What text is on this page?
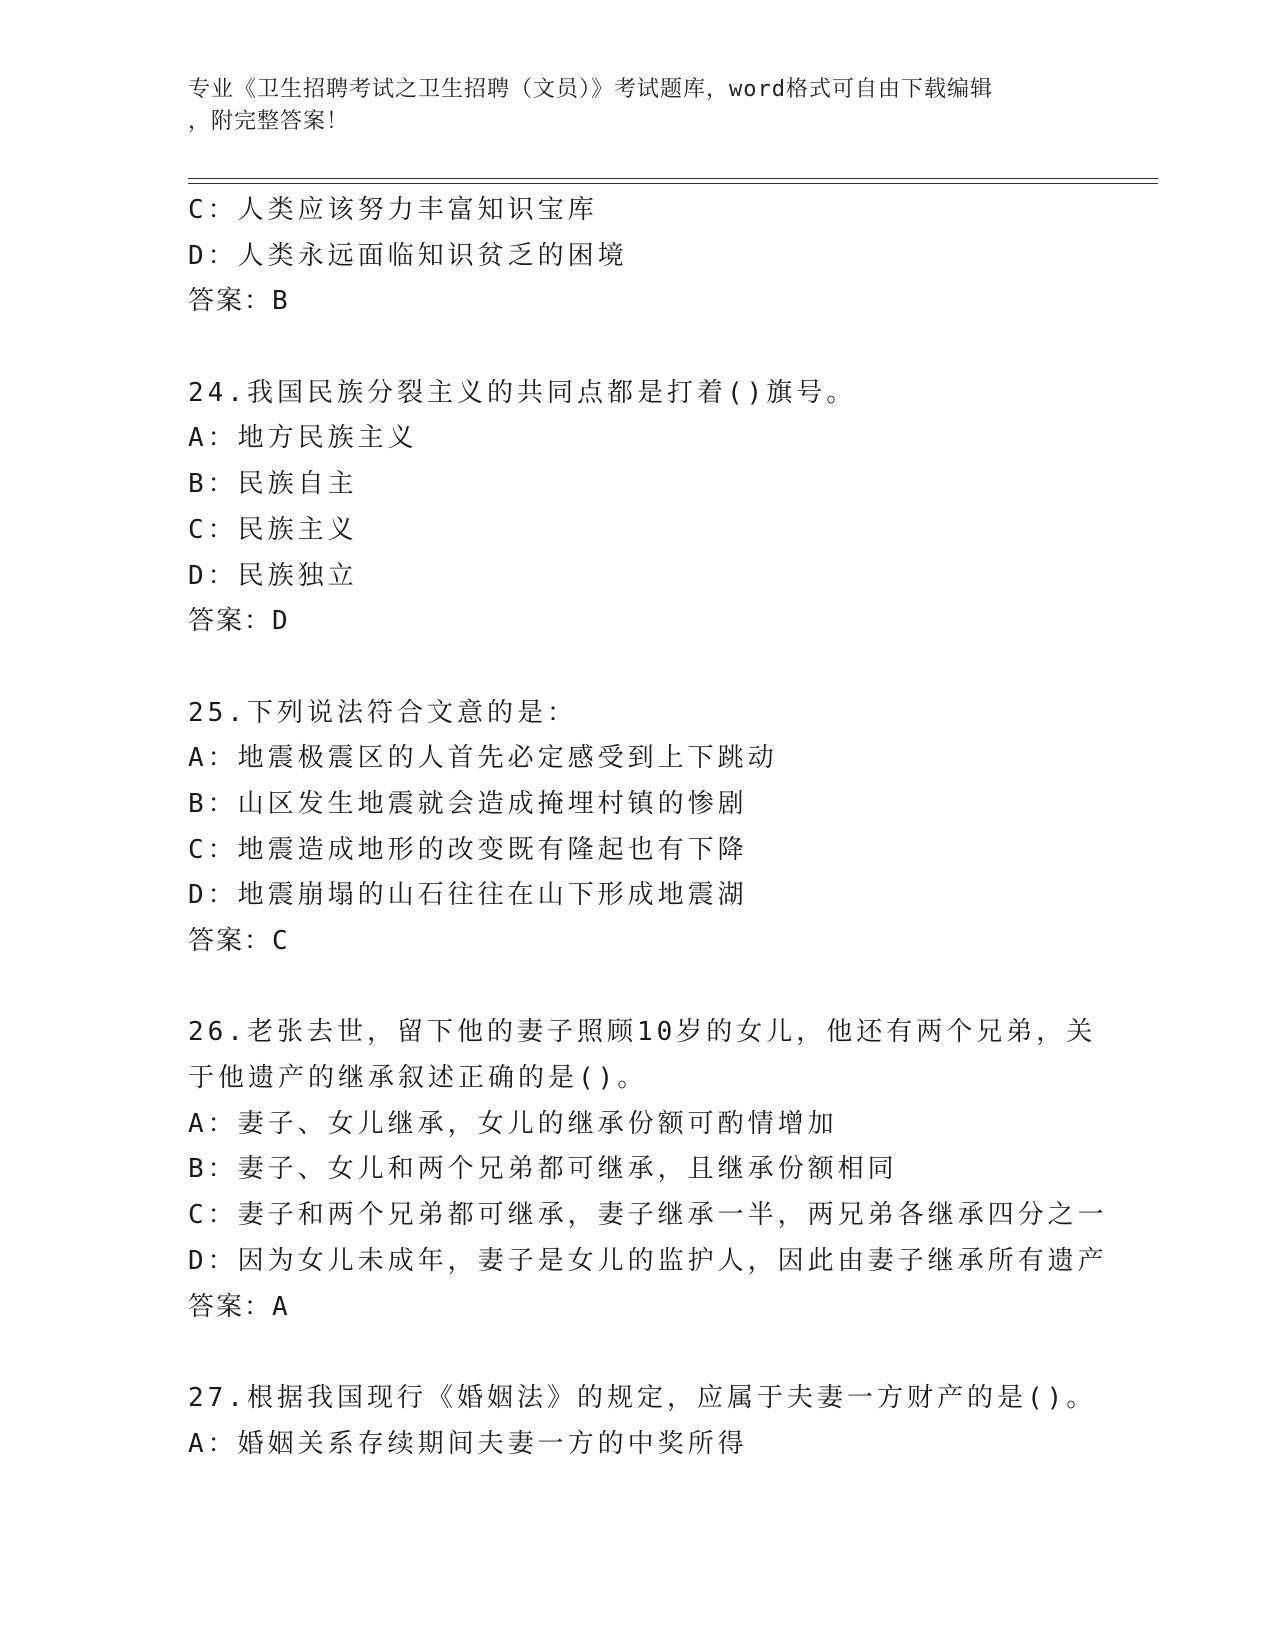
专业《卫生招聘考试之卫生招聘（文员）》考试题库，word格式可自由下载编辑
，附完整答案！
C：人类应该努力丰富知识宝库
D：人类永远面临知识贫乏的困境
答案：B
24.我国民族分裂主义的共同点都是打着()旗号。
A：地方民族主义
B：民族自主
C：民族主义
D：民族独立
答案：D
25.下列说法符合文意的是：
A：地震极震区的人首先必定感受到上下跳动
B：山区发生地震就会造成掩埋村镇的惨剧
C：地震造成地形的改变既有隆起也有下降
D：地震崩塌的山石往往在山下形成地震湖
答案：C
26.老张去世，留下他的妻子照顾10岁的女儿，他还有两个兄弟，关
于他遗产的继承叙述正确的是()。
A：妻子、女儿继承，女儿的继承份额可酌情增加
B：妻子、女儿和两个兄弟都可继承，且继承份额相同
C：妻子和两个兄弟都可继承，妻子继承一半，两兄弟各继承四分之一
D：因为女儿未成年，妻子是女儿的监护人，因此由妻子继承所有遗产
答案：A
27.根据我国现行《婚姻法》的规定，应属于夫妻一方财产的是()。
A：婚姻关系存续期间夫妻一方的中奖所得
